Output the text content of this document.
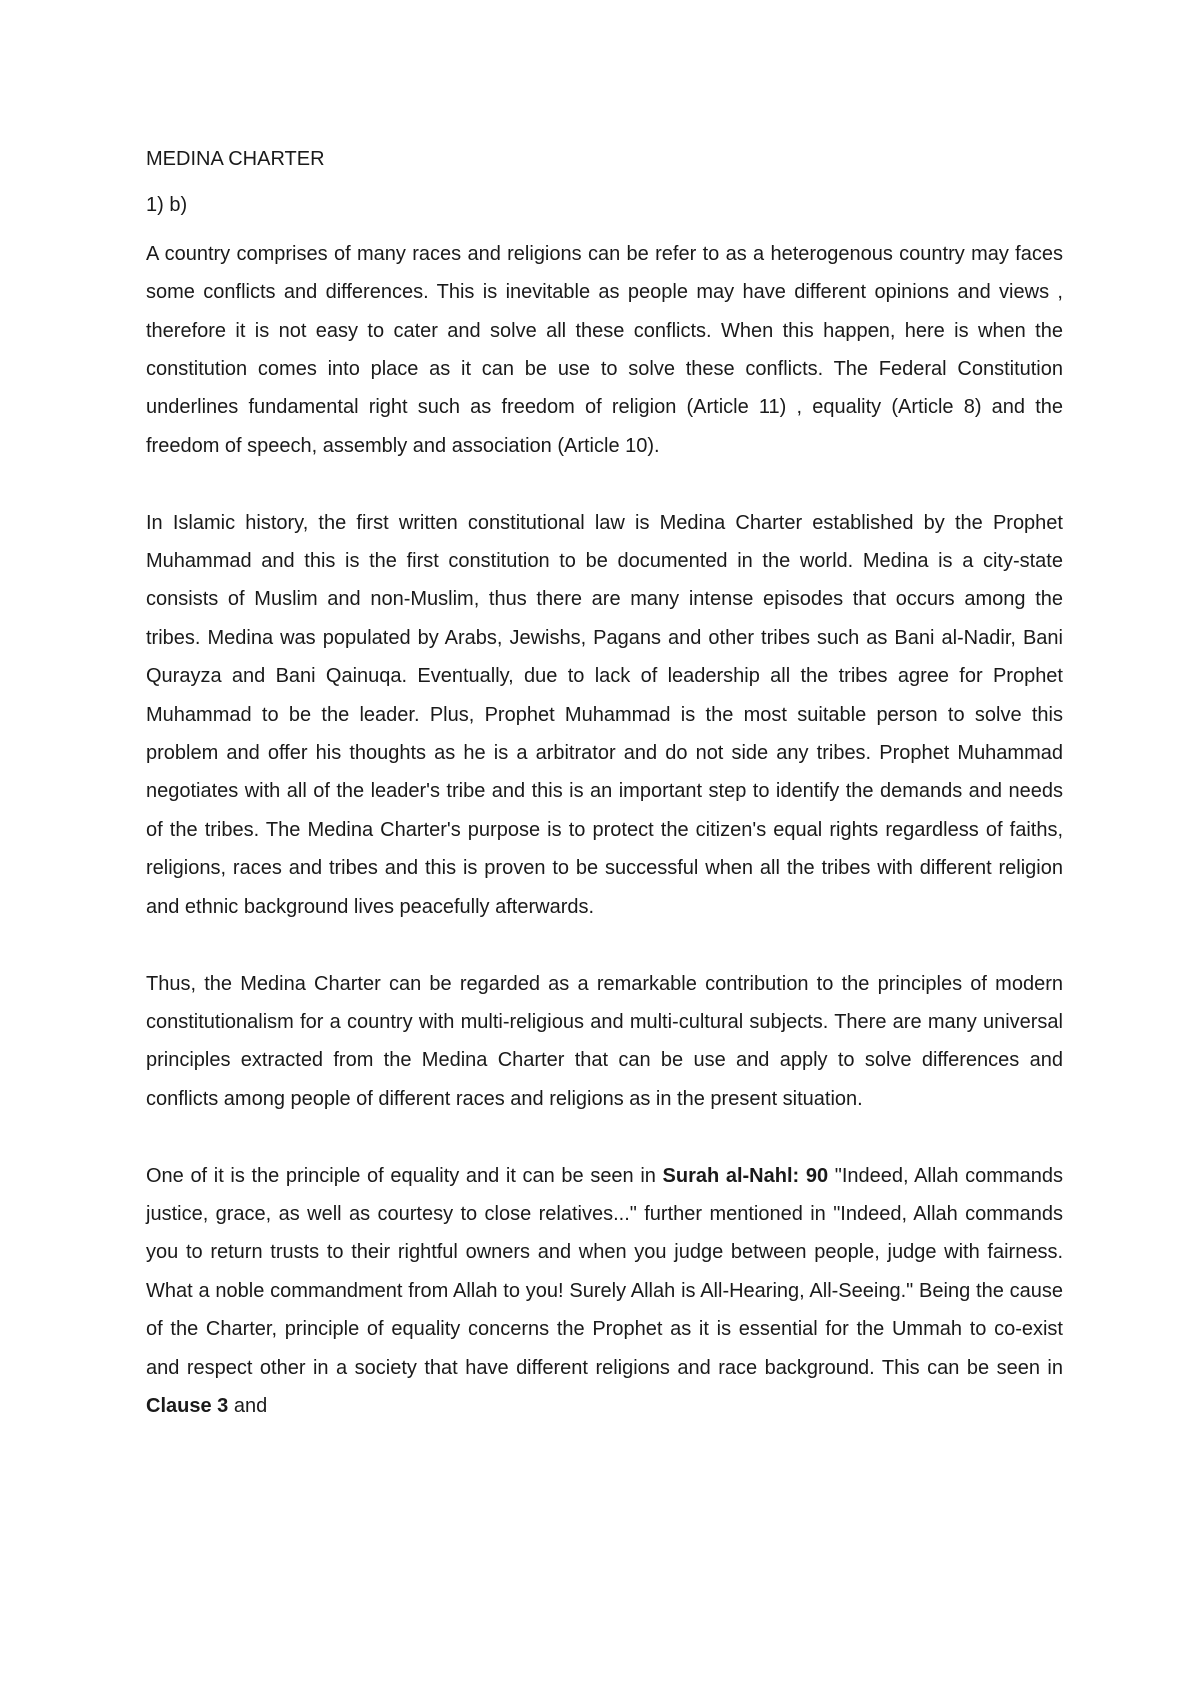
MEDINA CHARTER

1) b)

A country comprises of many races and religions can be refer to as a heterogenous country may faces some conflicts and differences. This is inevitable as people may have different opinions and views , therefore it is not easy to cater and solve all these conflicts. When this happen, here is when the constitution comes into place as it can be use to solve these conflicts. The Federal Constitution underlines fundamental right such as freedom of religion (Article 11) , equality (Article 8) and the freedom of speech, assembly and association (Article 10).

In Islamic history, the first written constitutional law is Medina Charter established by the Prophet Muhammad and this is the first constitution to be documented in the world. Medina is a city-state consists of Muslim and non-Muslim, thus there are many intense episodes that occurs among the tribes. Medina was populated by Arabs, Jewishs, Pagans and other tribes such as Bani al-Nadir, Bani Qurayza and Bani Qainuqa. Eventually, due to lack of leadership all the tribes agree for Prophet Muhammad to be the leader. Plus, Prophet Muhammad is the most suitable person to solve this problem and offer his thoughts as he is a arbitrator and do not side any tribes. Prophet Muhammad negotiates with all of the leader's tribe and this is an important step to identify the demands and needs of the tribes. The Medina Charter's purpose is to protect the citizen's equal rights regardless of faiths, religions, races and tribes and this is proven to be successful when all the tribes with different religion and ethnic background lives peacefully afterwards.

Thus, the Medina Charter can be regarded as a remarkable contribution to the principles of modern constitutionalism for a country with multi-religious and multi-cultural subjects. There are many universal principles extracted from the Medina Charter that can be use and apply to solve differences and conflicts among people of different races and religions as in the present situation.

One of it is the principle of equality and it can be seen in Surah al-Nahl: 90 "Indeed, Allah commands justice, grace, as well as courtesy to close relatives..." further mentioned in "Indeed, Allah commands you to return trusts to their rightful owners and when you judge between people, judge with fairness. What a noble commandment from Allah to you! Surely Allah is All-Hearing, All-Seeing." Being the cause of the Charter, principle of equality concerns the Prophet as it is essential for the Ummah to co-exist and respect other in a society that have different religions and race background. This can be seen in Clause 3 and
